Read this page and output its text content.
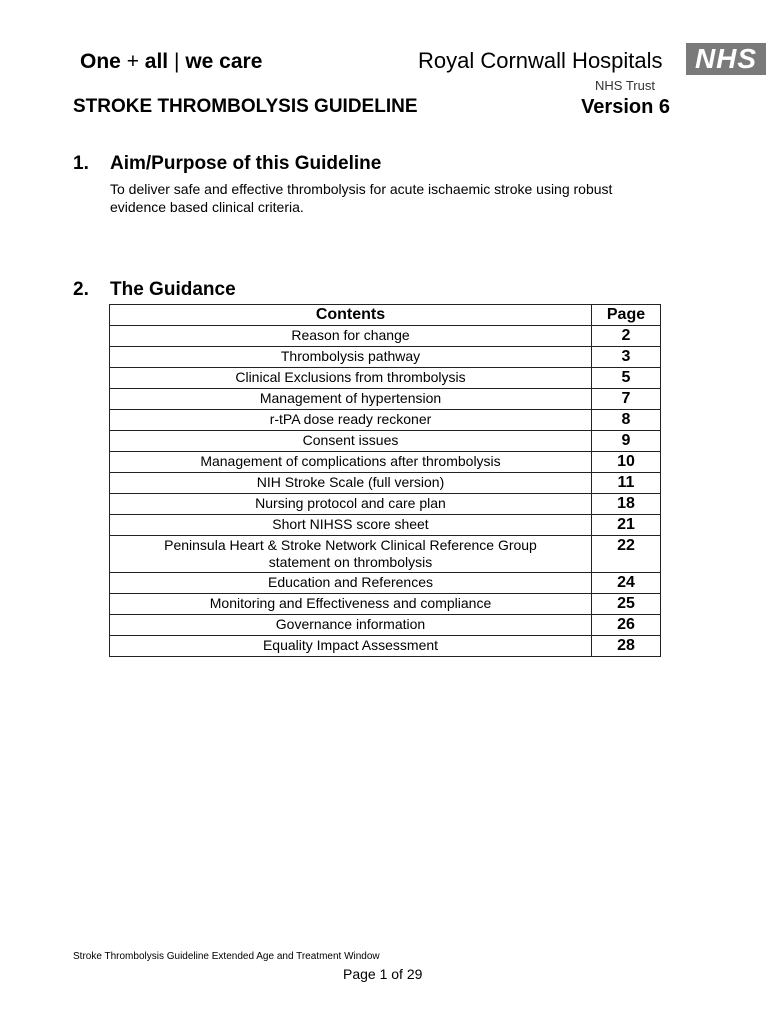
One + all | we care	Royal Cornwall Hospitals
NHS Trust
NHS
STROKE THROMBOLYSIS GUIDELINE	Version 6
1. Aim/Purpose of this Guideline
To deliver safe and effective thrombolysis for acute ischaemic stroke using robust evidence based clinical criteria.
2. The Guidance
Contents	Page
Reason for change	2
Thrombolysis pathway	3
Clinical Exclusions from thrombolysis	5
Management of hypertension	7
r-tPA dose ready reckoner	8
Consent issues	9
Management of complications after thrombolysis	10
NIH Stroke Scale (full version)	11
Nursing protocol and care plan	18
Short NIHSS score sheet	21
Peninsula Heart & Stroke Network Clinical Reference Group statement on thrombolysis	22
Education and References	24
Monitoring and Effectiveness and compliance	25
Governance information	26
Equality Impact Assessment	28
Stroke Thrombolysis Guideline Extended Age and Treatment Window
Page 1 of 29
